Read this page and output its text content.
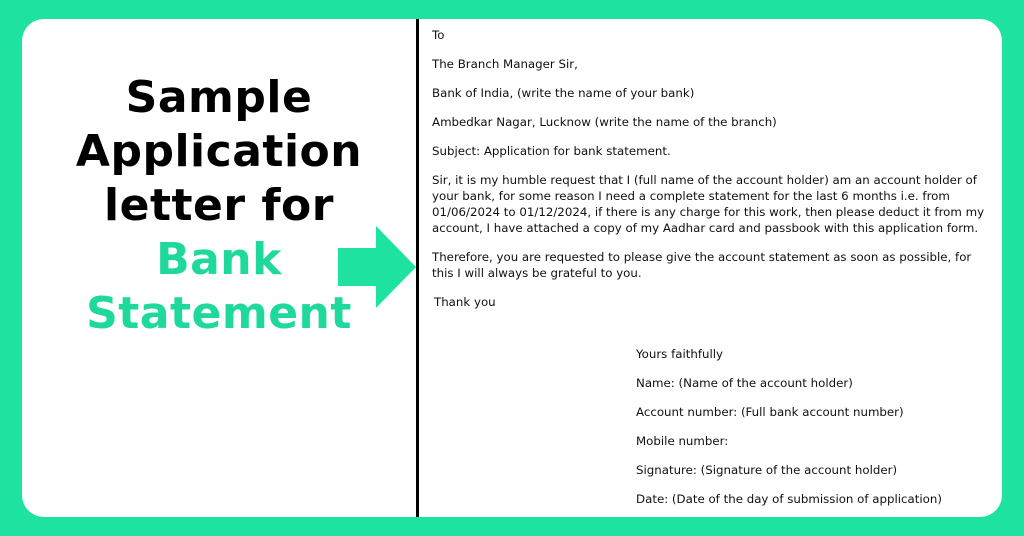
Sample
Application
letter for
Bank
Statement

To

The Branch Manager Sir,

Bank of India, (write the name of your bank)

Ambedkar Nagar, Lucknow (write the name of the branch)

Subject: Application for bank statement.

Sir, it is my humble request that I (full name of the account holder) am an account holder of your bank, for some reason I need a complete statement for the last 6 months i.e. from 01/06/2024 to 01/12/2024, if there is any charge for this work, then please deduct it from my account, I have attached a copy of my Aadhar card and passbook with this application form.

Therefore, you are requested to please give the account statement as soon as possible, for this I will always be grateful to you.

Thank you

Yours faithfully

Name: (Name of the account holder)

Account number: (Full bank account number)

Mobile number:

Signature: (Signature of the account holder)

Date: (Date of the day of submission of application)
